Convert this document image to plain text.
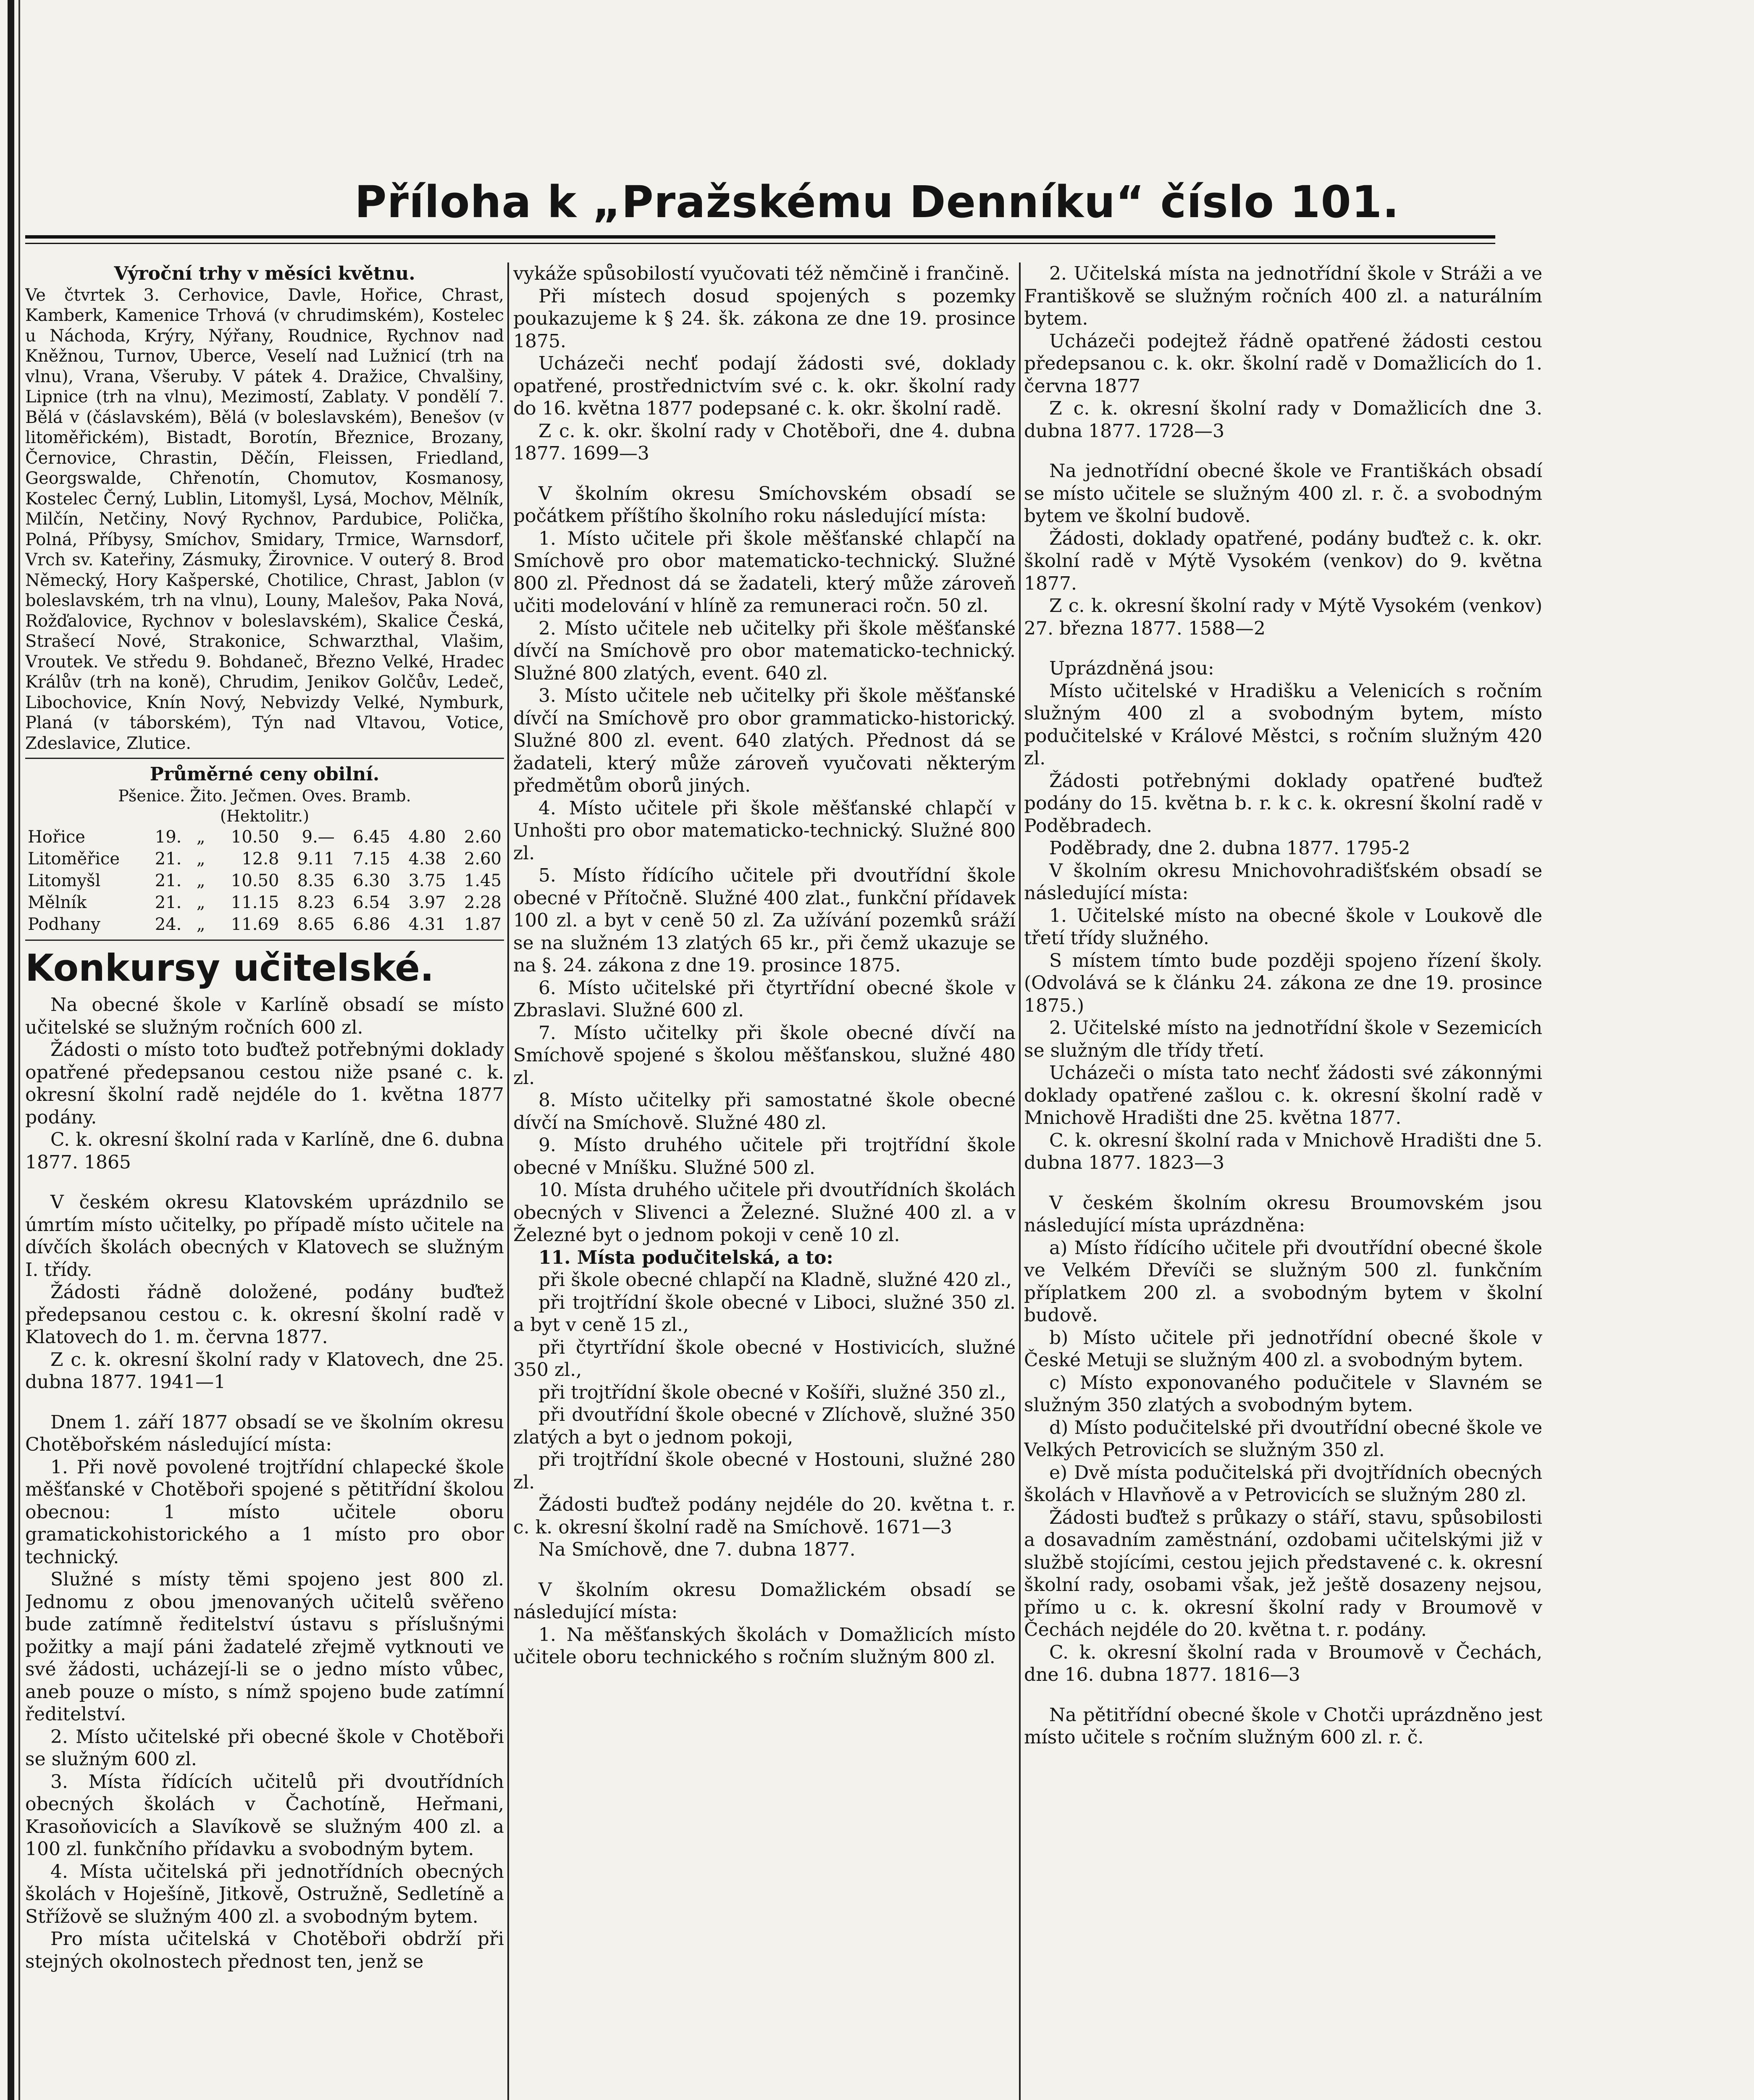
Příloha k „Pražskému Denníku“ číslo 101.

Výroční trhy v měsíci květnu.

Ve čtvrtek 3. Cerhovice, Davle, Hořice, Chrast, Kamberk, Kamenice Trhová (v chrudimském), Kostelec u Náchoda, Krýry, Nýřany, Roudnice, Rychnov nad Kněžnou, Turnov, Uberce, Veselí nad Lužnicí (trh na vlnu), Vrana, Všeruby. V pátek 4. Dražice, Chvalšiny, Lipnice (trh na vlnu), Mezimostí, Zablaty. V pondělí 7. Bělá v (čáslavském), Bělá (v boleslavském), Benešov (v litoměřickém), Bistadt, Borotín, Březnice, Brozany, Černovice, Chrastin, Děčín, Fleissen, Friedland, Georgswalde, Chřenotín, Chomutov, Kosmanosy, Kostelec Černý, Lublin, Litomyšl, Lysá, Mochov, Mělník, Milčín, Netčiny, Nový Rychnov, Pardubice, Polička, Polná, Příbysy, Smíchov, Smidary, Trmice, Warnsdorf, Vrch sv. Kateřiny, Zásmuky, Žirovnice. V outerý 8. Brod Německý, Hory Kašperské, Chotilice, Chrast, Jablon (v boleslavském, trh na vlnu), Louny, Malešov, Paka Nová, Rožďalovice, Rychnov v boleslavském), Skalice Česká, Strašecí Nové, Strakonice, Schwarzthal, Vlašim, Vroutek. Ve středu 9. Bohdaneč, Březno Velké, Hradec Králův (trh na koně), Chrudim, Jenikov Golčův, Ledeč, Libochovice, Knín Nový, Nebvizdy Velké, Nymburk, Planá (v táborském), Týn nad Vltavou, Votice, Zdeslavice, Zlutice.

Průměrné ceny obilní.
Pšenice. Žito. Ječmen. Oves. Bramb.
(Hektolitr.)
Hořice	19.	„	10.50	9.—	6.45	4.80	2.60
Litoměřice	21.	„	12.8	9.11	7.15	4.38	2.60
Litomyšl	21.	„	10.50	8.35	6.30	3.75	1.45
Mělník	21.	„	11.15	8.23	6.54	3.97	2.28
Podhany	24.	„	11.69	8.65	6.86	4.31	1.87
Konkursy učitelské.

Na obecné škole v Karlíně obsadí se místo učitelské se služným ročních 600 zl.

Žádosti o místo toto buďtež potřebnými doklady opatřené předepsanou cestou niže psané c. k. okresní školní radě nejdéle do 1. května 1877 podány.

C. k. okresní školní rada v Karlíně, dne 6. dubna 1877. 1865

V českém okresu Klatovském uprázdnilo se úmrtím místo učitelky, po případě místo učitele na dívčích školách obecných v Klatovech se služným I. třídy.

Žádosti řádně doložené, podány buďtež předepsanou cestou c. k. okresní školní radě v Klatovech do 1. m. června 1877.

Z c. k. okresní školní rady v Klatovech, dne 25. dubna 1877. 1941—1

Dnem 1. září 1877 obsadí se ve školním okresu Chotěbořském následující místa:

1. Při nově povolené trojtřídní chlapecké škole měšťanské v Chotěboři spojené s pětitřídní školou obecnou: 1 místo učitele oboru gramatickohistorického a 1 místo pro obor technický.

Služné s místy těmi spojeno jest 800 zl. Jednomu z obou jmenovaných učitelů svěřeno bude zatímně ředitelství ústavu s příslušnými požitky a mají páni žadatelé zřejmě vytknouti ve své žádosti, ucházejí-li se o jedno místo vůbec, aneb pouze o místo, s nímž spojeno bude zatímní ředitelství.

2. Místo učitelské při obecné škole v Chotěboři se služným 600 zl.

3. Místa řídících učitelů při dvoutřídních obecných školách v Čachotíně, Heřmani, Krasoňovicích a Slavíkově se služným 400 zl. a 100 zl. funkčního přídavku a svobodným bytem.

4. Místa učitelská při jednotřídních obecných školách v Hoješíně, Jitkově, Ostružně, Sedletíně a Střížově se služným 400 zl. a svobodným bytem.

Pro místa učitelská v Chotěboři obdrží při stejných okolnostech přednost ten, jenž se

vykáže spůsobilostí vyučovati též němčině i frančině.

Při místech dosud spojených s pozemky poukazujeme k § 24. šk. zákona ze dne 19. prosince 1875.

Ucházeči nechť podají žádosti své, doklady opatřené, prostřednictvím své c. k. okr. školní rady do 16. května 1877 podepsané c. k. okr. školní radě.

Z c. k. okr. školní rady v Chotěboři, dne 4. dubna 1877. 1699—3

V školním okresu Smíchovském obsadí se počátkem příštího školního roku následující místa:

1. Místo učitele při škole měšťanské chlapčí na Smíchově pro obor matematicko-technický. Služné 800 zl. Přednost dá se žadateli, který může zároveň učiti modelování v hlíně za remuneraci ročn. 50 zl.

2. Místo učitele neb učitelky při škole měšťanské dívčí na Smíchově pro obor matematicko-technický. Služné 800 zlatých, event. 640 zl.

3. Místo učitele neb učitelky při škole měšťanské dívčí na Smíchově pro obor grammaticko-historický. Služné 800 zl. event. 640 zlatých. Přednost dá se žadateli, který může zároveň vyučovati některým předmětům oborů jiných.

4. Místo učitele při škole měšťanské chlapčí v Unhošti pro obor matematicko-technický. Služné 800 zl.

5. Místo řídícího učitele při dvoutřídní škole obecné v Přítočně. Služné 400 zlat., funkční přídavek 100 zl. a byt v ceně 50 zl. Za užívání pozemků sráží se na služném 13 zlatých 65 kr., při čemž ukazuje se na §. 24. zákona z dne 19. prosince 1875.

6. Místo učitelské při čtyrtřídní obecné škole v Zbraslavi. Služné 600 zl.

7. Místo učitelky při škole obecné dívčí na Smíchově spojené s školou měšťanskou, služné 480 zl.

8. Místo učitelky při samostatné škole obecné dívčí na Smíchově. Služné 480 zl.

9. Místo druhého učitele při trojtřídní škole obecné v Mníšku. Služné 500 zl.

10. Místa druhého učitele při dvoutřídních školách obecných v Slivenci a Železné. Služné 400 zl. a v Železné byt o jednom pokoji v ceně 10 zl.

11. Místa podučitelská, a to:

při škole obecné chlapčí na Kladně, služné 420 zl.,

při trojtřídní škole obecné v Liboci, služné 350 zl. a byt v ceně 15 zl.,

při čtyrtřídní škole obecné v Hostivicích, služné 350 zl.,

při trojtřídní škole obecné v Košíři, služné 350 zl.,

při dvoutřídní škole obecné v Zlíchově, služné 350 zlatých a byt o jednom pokoji,

při trojtřídní škole obecné v Hostouni, služné 280 zl.

Žádosti buďtež podány nejdéle do 20. května t. r. c. k. okresní školní radě na Smíchově. 1671—3

Na Smíchově, dne 7. dubna 1877.

V školním okresu Domažlickém obsadí se následující místa:

1. Na měšťanských školách v Domažlicích místo učitele oboru technického s ročním služným 800 zl.

2. Učitelská místa na jednotřídní škole v Stráži a ve Františkově se služným ročních 400 zl. a naturálním bytem.

Ucházeči podejtež řádně opatřené žádosti cestou předepsanou c. k. okr. školní radě v Domažlicích do 1. června 1877

Z c. k. okresní školní rady v Domažlicích dne 3. dubna 1877. 1728—3

Na jednotřídní obecné škole ve Františkách obsadí se místo učitele se služným 400 zl. r. č. a svobodným bytem ve školní budově.

Žádosti, doklady opatřené, podány buďtež c. k. okr. školní radě v Mýtě Vysokém (venkov) do 9. května 1877.

Z c. k. okresní školní rady v Mýtě Vysokém (venkov) 27. března 1877. 1588—2

Uprázdněná jsou:

Místo učitelské v Hradišku a Velenicích s ročním služným 400 zl a svobodným bytem, místo podučitelské v Králové Městci, s ročním služným 420 zl.

Žádosti potřebnými doklady opatřené buďtež podány do 15. května b. r. k c. k. okresní školní radě v Poděbradech.

Poděbrady, dne 2. dubna 1877. 1795-2

V školním okresu Mnichovohradišťském obsadí se následující místa:

1. Učitelské místo na obecné škole v Loukově dle třetí třídy služného.

S místem tímto bude později spojeno řízení školy. (Odvolává se k článku 24. zákona ze dne 19. prosince 1875.)

2. Učitelské místo na jednotřídní škole v Sezemicích se služným dle třídy třetí.

Ucházeči o místa tato nechť žádosti své zákonnými doklady opatřené zašlou c. k. okresní školní radě v Mnichově Hradišti dne 25. května 1877.

C. k. okresní školní rada v Mnichově Hradišti dne 5. dubna 1877. 1823—3

V českém školním okresu Broumovském jsou následující místa uprázdněna:

a) Místo řídícího učitele při dvoutřídní obecné škole ve Velkém Dřevíči se služným 500 zl. funkčním příplatkem 200 zl. a svobodným bytem v školní budově.

b) Místo učitele při jednotřídní obecné škole v České Metuji se služným 400 zl. a svobodným bytem.

c) Místo exponovaného podučitele v Slavném se služným 350 zlatých a svobodným bytem.

d) Místo podučitelské při dvoutřídní obecné škole ve Velkých Petrovicích se služným 350 zl.

e) Dvě místa podučitelská při dvojtřídních obecných školách v Hlavňově a v Petrovicích se služným 280 zl.

Žádosti buďtež s průkazy o stáří, stavu, spůsobilosti a dosavadním zaměstnání, ozdobami učitelskými již v službě stojícími, cestou jejich představené c. k. okresní školní rady, osobami však, jež ještě dosazeny nejsou, přímo u c. k. okresní školní rady v Broumově v Čechách nejdéle do 20. května t. r. podány.

C. k. okresní školní rada v Broumově v Čechách, dne 16. dubna 1877. 1816—3

Na pětitřídní obecné škole v Chotči uprázdněno jest místo učitele s ročním služným 600 zl. r. č.
